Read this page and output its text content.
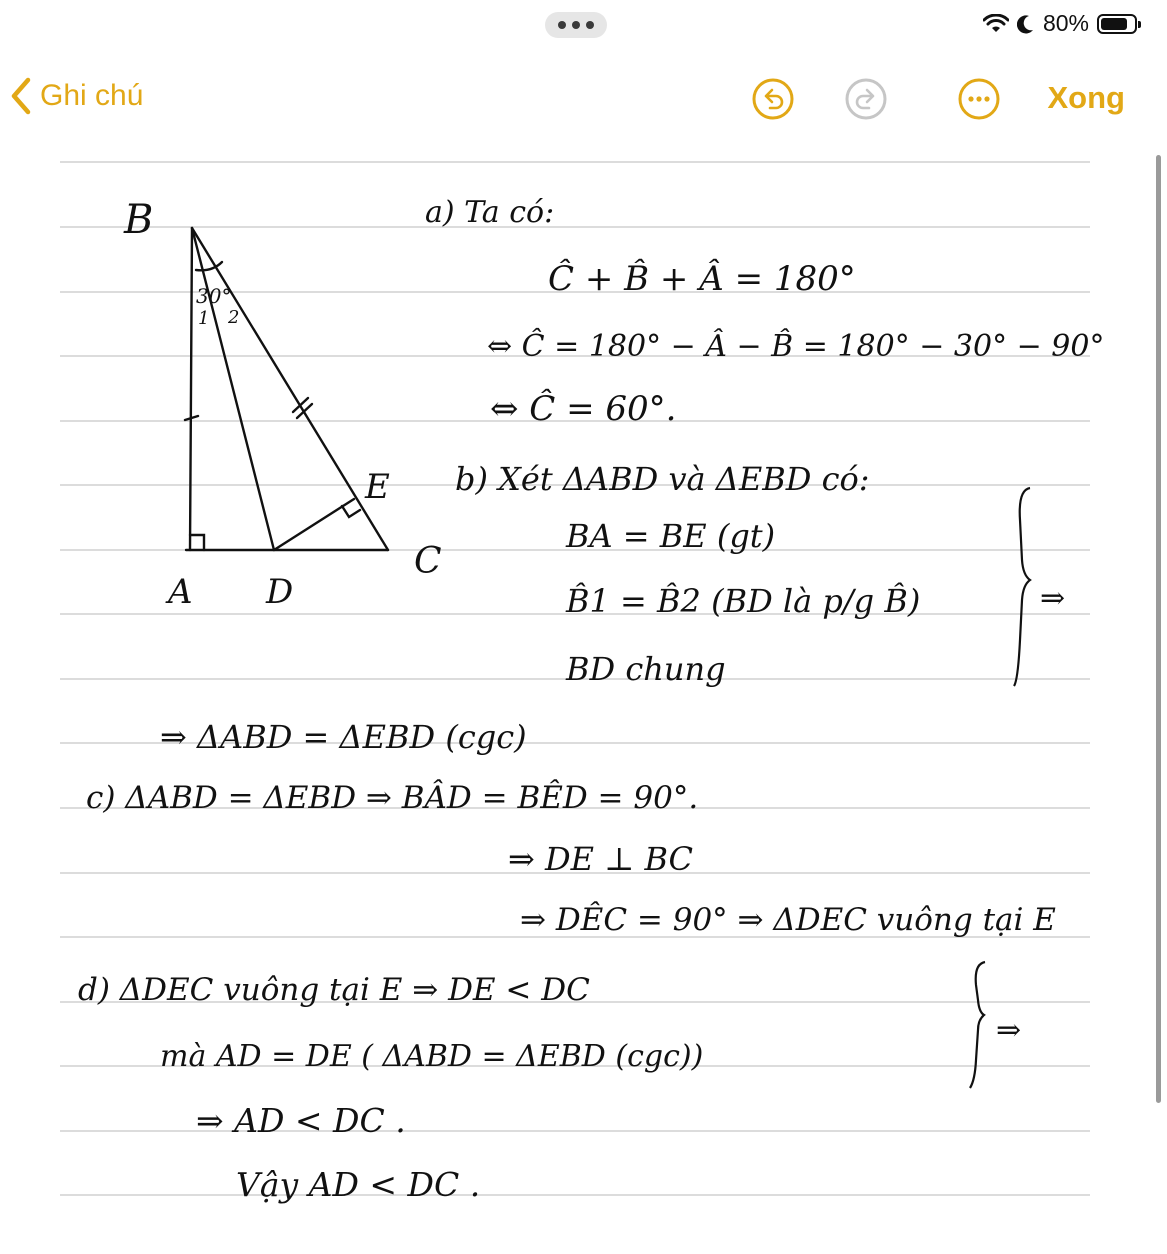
80%
Ghi chú	Xong
B
A D
C
E
30°
1 2
a) Ta có:
Ĉ + B̂ + Â = 180°
⇔ Ĉ = 180° − Â − B̂ = 180° − 30° − 90°
⇔ Ĉ = 60°.
b) Xét ΔABD và ΔEBD có:
BA = BE (gt)
B̂1 = B̂2 (BD là p/g B̂)
BD chung
⇒
⇒ ΔABD = ΔEBD (cgc)
c) ΔABD = ΔEBD ⇒ BÂD = BÊD = 90°.
⇒ DE ⊥ BC
⇒ DÊC = 90° ⇒ ΔDEC vuông tại E
d) ΔDEC vuông tại E ⇒ DE < DC
mà AD = DE ( ΔABD = ΔEBD (cgc))
⇒
⇒ AD < DC .
Vậy AD < DC .
